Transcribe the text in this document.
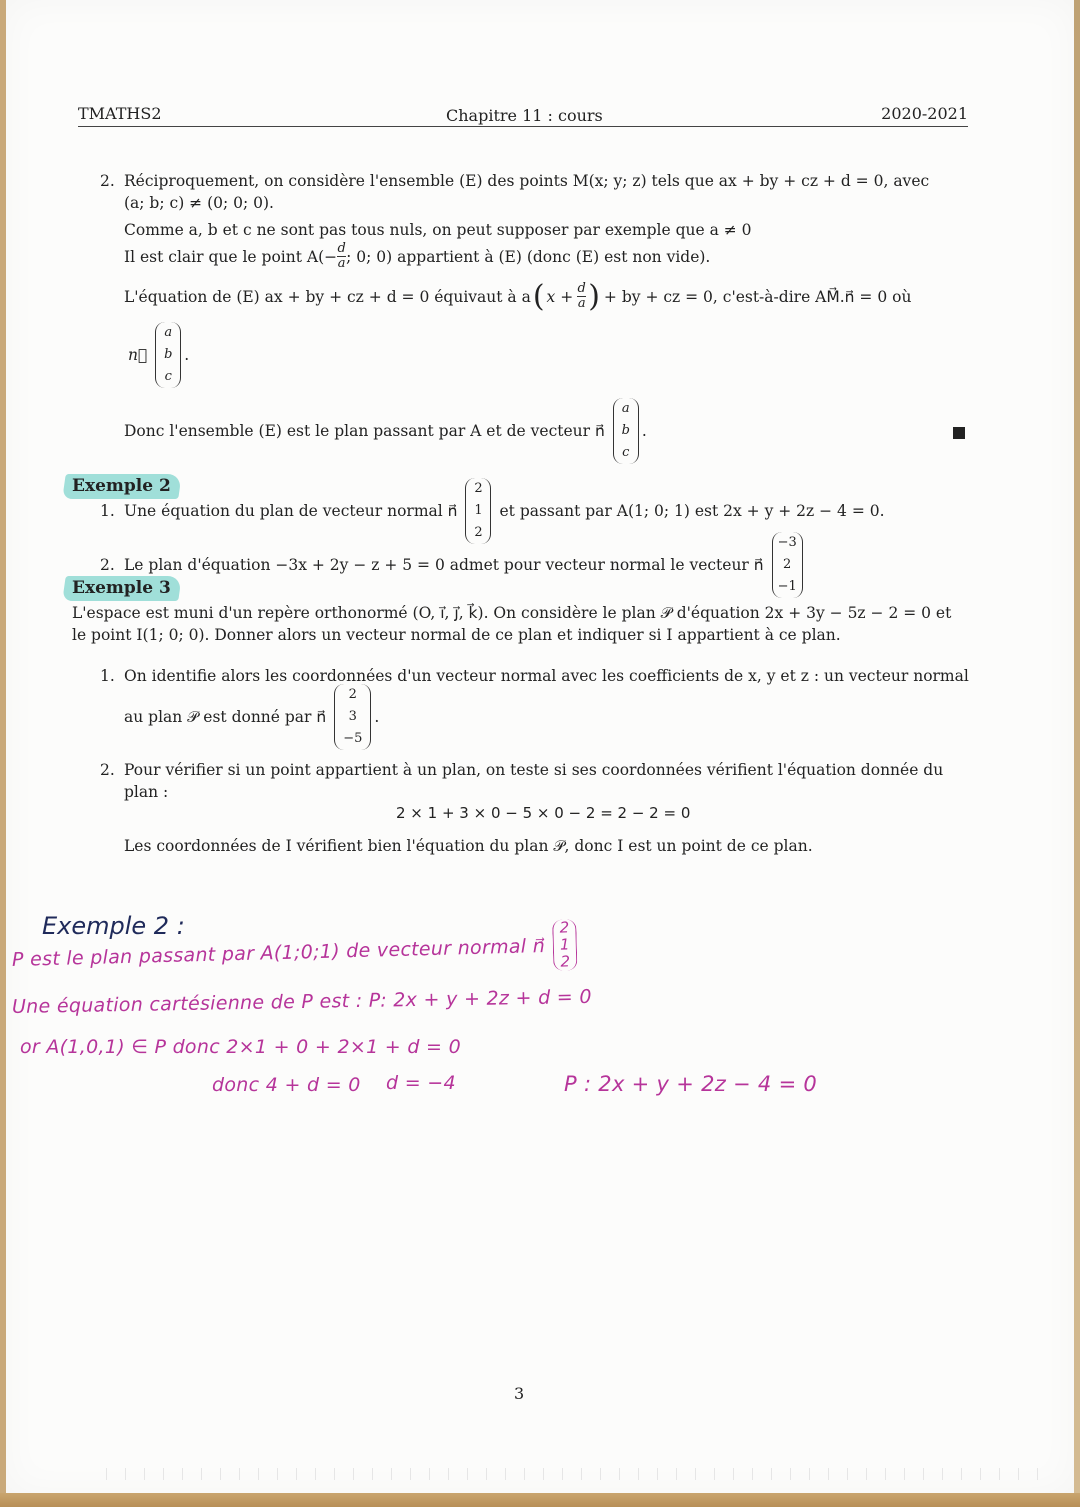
TMATHS2	Chapitre 11 : cours	2020-2021
2. Réciproquement, on considère l'ensemble (E) des points M(x; y; z) tels que ax + by + cz + d = 0, avec
(a; b; c) ≠ (0; 0; 0).
Comme a, b et c ne sont pas tous nuls, on peut supposer par exemple que a ≠ 0
Il est clair que le point $A(- \frac{d}{a}$ ; 0; 0) appartient à (E) (donc (E) est non vide).
L'équation de (E) ax + by + cz + d = 0 équivaut à a ( $x + \frac{d}{a}$ ) + by + cz = 0, c'est-à-dire AM⃗.n⃗ = 0 où
n⃗
a
b
c
.
Donc l'ensemble (E) est le plan passant par A et de vecteur n⃗
a
b
c
.
Exemple 2
1. Une équation du plan de vecteur normal n⃗
2
1
2
et passant par A(1; 0; 1) est 2x + y + 2z − 4 = 0.
2. Le plan d'équation −3x + 2y − z + 5 = 0 admet pour vecteur normal le vecteur n⃗
−3
2
−1
Exemple 3
L'espace est muni d'un repère orthonormé (O, i⃗, j⃗, k⃗). On considère le plan 𝒫 d'équation 2x + 3y − 5z − 2 = 0 et
le point I(1; 0; 0). Donner alors un vecteur normal de ce plan et indiquer si I appartient à ce plan.
1. On identifie alors les coordonnées d'un vecteur normal avec les coefficients de x, y et z : un vecteur normal
au plan 𝒫 est donné par n⃗
2
3
−5
.
2. Pour vérifier si un point appartient à un plan, on teste si ses coordonnées vérifient l'équation donnée du
plan :
2 × 1 + 3 × 0 − 5 × 0 − 2 = 2 − 2 = 0
Les coordonnées de I vérifient bien l'équation du plan 𝒫, donc I est un point de ce plan.
Exemple 2 :
P est le plan passant par A(1;0;1) de vecteur normal n⃗
2
1
2
Une équation cartésienne de P est : P: 2x + y + 2z + d = 0
or A(1,0,1) ∈ P donc 2×1 + 0 + 2×1 + d = 0
donc 4 + d = 0 d = −4	P : 2x + y + 2z − 4 = 0
3
